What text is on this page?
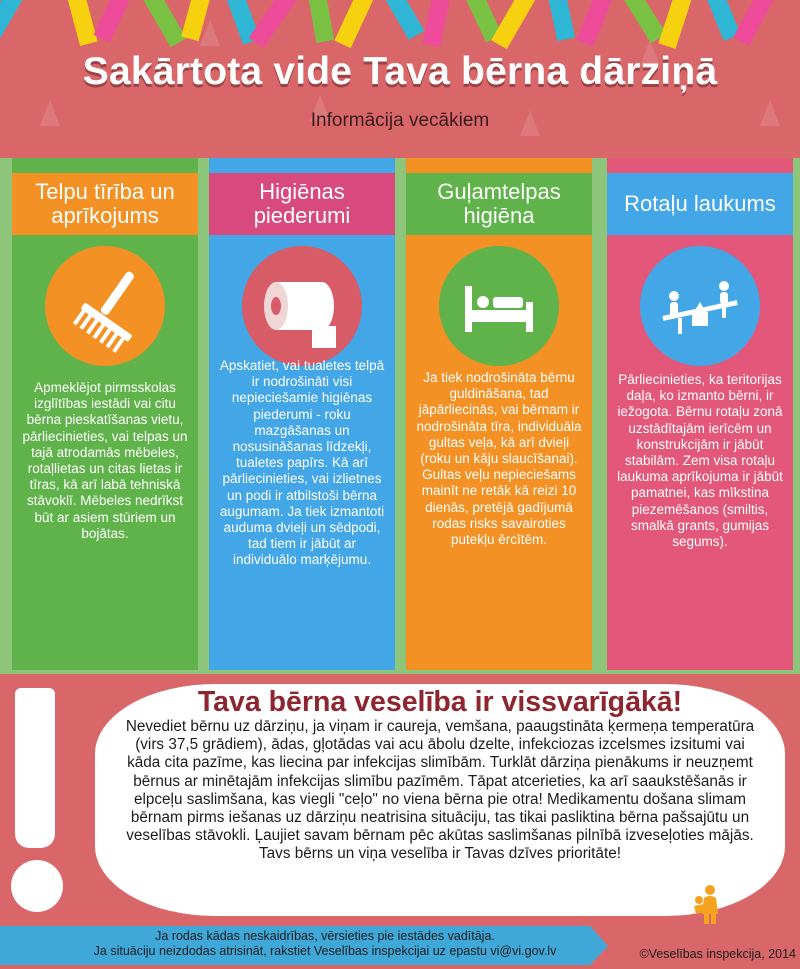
Sakārtota vide Tava bērna dārziņā
Informācija vecākiem
Telpu tīrība un aprīkojums
Apmeklējot pirmsskolas izglītības iestādi vai citu bērna pieskatīšanas vietu, pārliecinieties, vai telpas un tajā atrodamās mēbeles, rotaļlietas un citas lietas ir tīras, kā arī labā tehniskā stāvoklī. Mēbeles nedrīkst būt ar asiem stūriem un bojātas.
Higiēnas piederumi
Apskatiet, vai tualetes telpā ir nodrošināti visi nepieciešamie higiēnas piederumi - roku mazgāšanas un nosusināšanas līdzekļi, tualetes papīrs. Kā arī pārliecinieties, vai izlietnes un podi ir atbilstoši bērna augumam. Ja tiek izmantoti auduma dvieļi un sēdpodi, tad tiem ir jābūt ar individuālo marķējumu.
Guļamtelpas higiēna
Ja tiek nodrošināta bērnu guldināšana, tad jāpārliecinās, vai bērnam ir nodrošināta tīra, individuāla gultas veļa, kā arī dvieļi (roku un kāju slaucīšanai). Gultas veļu nepieciešams mainīt ne retāk kā reizi 10 dienās, pretējā gadījumā rodas risks savairoties putekļu ērcītēm.
Rotaļu laukums
Pārliecinieties, ka teritorijas daļa, ko izmanto bērni, ir iežogota. Bērnu rotaļu zonā uzstādītajām ierīcēm un konstrukcijām ir jābūt stabilām. Zem visa rotaļu laukuma aprīkojuma ir jābūt pamatnei, kas mīkstina piezemēšanos (smiltis, smalkā grants, gumijas segums).
Tava bērna veselība ir vissvarīgākā!
Nevediet bērnu uz dārziņu, ja viņam ir caureja, vemšana, paaugstināta ķermeņa temperatūra (virs 37,5 grādiem), ādas, gļotādas vai acu ābolu dzelte, infekciozas izcelsmes izsitumi vai kāda cita pazīme, kas liecina par infekcijas slimībām. Turklāt dārziņa pienākums ir neuzņemt bērnus ar minētajām infekcijas slimību pazīmēm. Tāpat atcerieties, ka arī saaukstēšanās ir elpceļu saslimšana, kas viegli "ceļo" no viena bērna pie otra! Medikamentu došana slimam bērnam pirms iešanas uz dārziņu neatrisina situāciju, tas tikai pasliktina bērna pašsajūtu un veselības stāvokli. Ļaujiet savam bērnam pēc akūtas saslimšanas pilnībā izveseļoties mājās.
Tavs bērns un viņa veselība ir Tavas dzīves prioritāte!
Ja rodas kādas neskaidrības, vērsieties pie iestādes vadītāja.
Ja situāciju neizdodas atrisināt, rakstiet Veselības inspekcijai uz epastu vi@vi.gov.lv	©Veselības inspekcija, 2014
